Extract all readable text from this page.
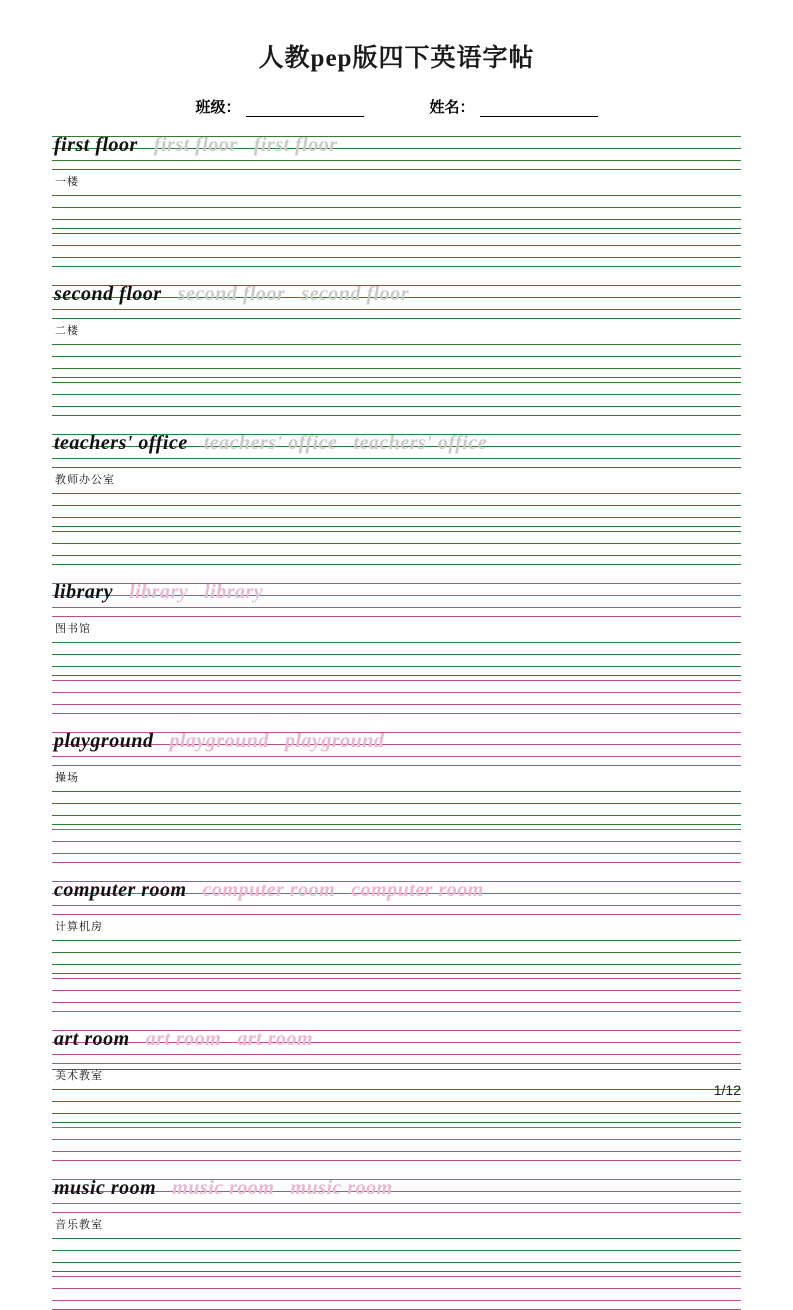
人教pep版四下英语字帖
班级：	姓名：
first floor first floor first floor
一楼
second floor second floor second floor
二楼
teachers' office teachers' office teachers' office
教师办公室
library library library
图书馆
playground playground playground
操场
computer room computer room computer room
计算机房
art room art room art room
美术教室
music room music room music room
音乐教室
1/12
